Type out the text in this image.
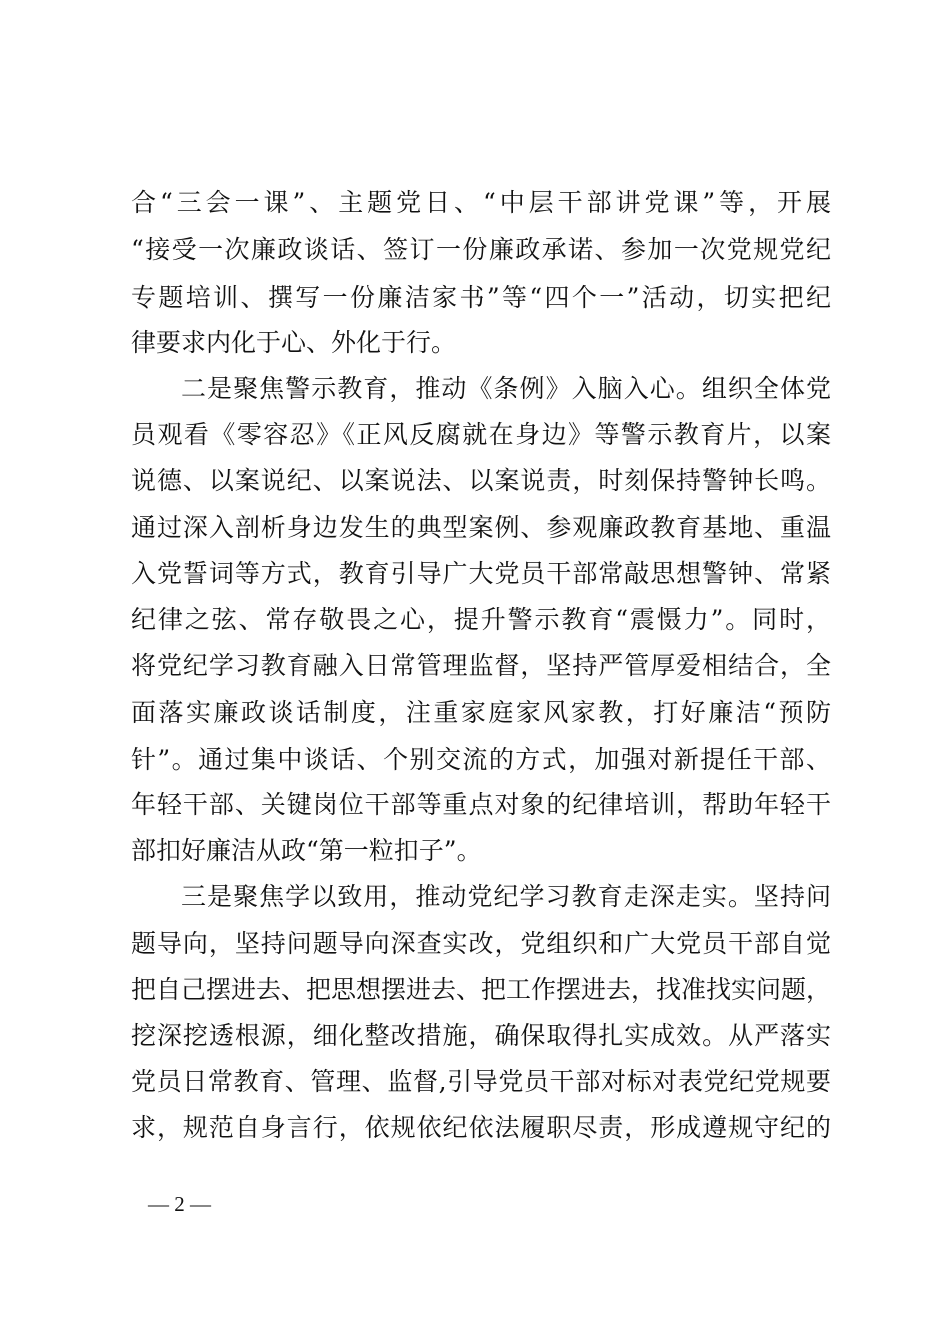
合“三会一课”、主题党日、“中层干部讲党课”等，开展
“接受一次廉政谈话、签订一份廉政承诺、参加一次党规党纪
专题培训、撰写一份廉洁家书”等“四个一”活动，切实把纪
律要求内化于心、外化于行。
二是聚焦警示教育，推动《条例》入脑入心。组织全体党
员观看《零容忍》《正风反腐就在身边》等警示教育片，以案
说德、以案说纪、以案说法、以案说责，时刻保持警钟长鸣。
通过深入剖析身边发生的典型案例、参观廉政教育基地、重温
入党誓词等方式，教育引导广大党员干部常敲思想警钟、常紧
纪律之弦、常存敬畏之心，提升警示教育“震慑力”。同时，
将党纪学习教育融入日常管理监督，坚持严管厚爱相结合，全
面落实廉政谈话制度，注重家庭家风家教，打好廉洁“预防
针”。通过集中谈话、个别交流的方式，加强对新提任干部、
年轻干部、关键岗位干部等重点对象的纪律培训，帮助年轻干
部扣好廉洁从政“第一粒扣子”。
三是聚焦学以致用，推动党纪学习教育走深走实。坚持问
题导向，坚持问题导向深查实改，党组织和广大党员干部自觉
把自己摆进去、把思想摆进去、把工作摆进去，找准找实问题，
挖深挖透根源，细化整改措施，确保取得扎实成效。从严落实
党员日常教育、管理、监督,引导党员干部对标对表党纪党规要
求，规范自身言行，依规依纪依法履职尽责，形成遵规守纪的
— 2 —
